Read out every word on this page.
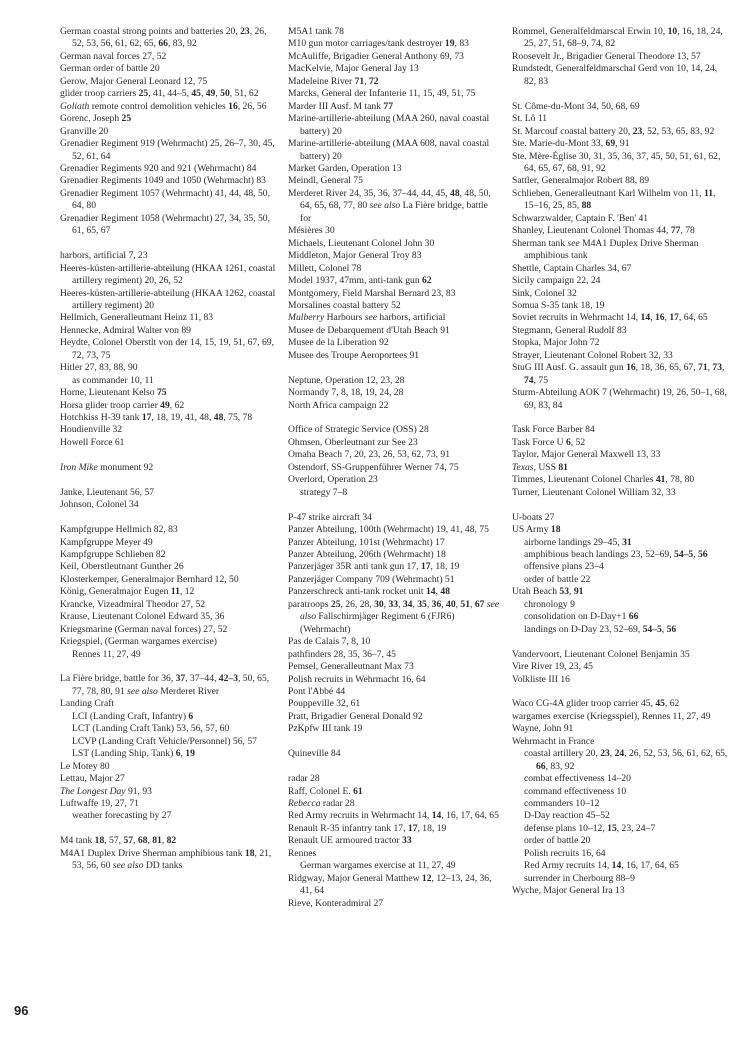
German coastal strong points and batteries 20, 23, 26, 52, 53, 56, 61, 62, 65, 66, 83, 92
German naval forces 27, 52
German order of battle 20
Gerow, Major General Leonard 12, 75
glider troop carriers 25, 41, 44–5, 45, 49, 50, 51, 62
Goliath remote control demolition vehicles 16, 26, 56
Gorenc, Joseph 25
Granville 20
Grenadier Regiment 919 (Wehrmacht) 25, 26–7, 30, 45, 52, 61, 64
Grenadier Regiments 920 and 921 (Wehrmacht) 84
Grenadier Regiments 1049 and 1050 (Wehrmacht) 83
Grenadier Regiment 1057 (Wehrmacht) 41, 44, 48, 50, 64, 80
Grenadier Regiment 1058 (Wehrmacht) 27, 34, 35, 50, 61, 65, 67
harbors, artificial 7, 23
Heeres-küsten-artillerie-abteilung (HKAA 1261, coastal artillery regiment) 20, 26, 52
Heeres-küsten-artillerie-abteilung (HKAA 1262, coastal artillery regiment) 20
Hellmich, Generalleutnant Heinz 11, 83
Hennecke, Admiral Walter von 89
Heydte, Colonel Oberstlt von der 14, 15, 19, 51, 67, 69, 72, 73, 75
Hitler 27, 83, 88, 90
as commander 10, 11
Horne, Lieutenant Kelso 75
Horsa glider troop carrier 49, 62
Hotchkiss H-39 tank 17, 18, 19, 41, 48, 48, 75, 78
Houdienville 32
Howell Force 61
Iron Mike monument 92
Janke, Lieutenant 56, 57
Johnson, Colonel 34
Kampfgruppe Hellmich 82, 83
Kampfgruppe Meyer 49
Kampfgruppe Schlieben 82
Keil, Oberstleutnant Gunther 26
Klosterkemper, Generalmajor Bernhard 12, 50
König, Generalmajor Eugen 11, 12
Krancke, Vizeadmiral Theodor 27, 52
Krause, Lieutenant Colonel Edward 35, 36
Kriegsmarine (German naval forces) 27, 52
Kriegspiel, (German wargames exercise)
Rennes 11, 27, 49
La Fière bridge, battle for 36, 37, 37–44, 42–3, 50, 65, 77, 78, 80, 91 see also Merderet River
Landing Craft
LCI (Landing Craft, Infantry) 6
LCT (Landing Craft Tank) 53, 56, 57, 60
LCVP (Landing Craft Vehicle/Personnel) 56, 57
LST (Landing Ship, Tank) 6, 19
Le Motey 80
Lettau, Major 27
The Longest Day 91, 93
Luftwaffe 19, 27, 71
weather forecasting by 27
M4 tank 18, 57, 57, 68, 81, 82
M4A1 Duplex Drive Sherman amphibious tank 18, 21, 53, 56, 60 see also DD tanks
M5A1 tank 78
M10 gun motor carriages/tank destroyer 19, 83
McAuliffe, Brigadier General Anthony 69, 73
MacKelvie, Major General Jay 13
Madeleine River 71, 72
Marcks, General der Infanterie 11, 15, 49, 51, 75
Marder III Ausf. M tank 77
Marine-artillerie-abteilung (MAA 260, naval coastal battery) 20
Marine-artillerie-abteilung (MAA 608, naval coastal battery) 20
Market Garden, Operation 13
Meindl, General 75
Merderet River 24, 35, 36, 37–44, 44, 45, 48, 48, 50, 64, 65, 68, 77, 80 see also La Fière bridge, battle for
Mésières 30
Michaels, Lieutenant Colonel John 30
Middleton, Major General Troy 83
Millett, Colonel 78
Model 1937, 47mm, anti-tank gun 62
Montgomery, Field Marshal Bernard 23, 83
Morsalines coastal battery 52
Mulberry Harbours see harbors, artificial
Musee de Debarquement d'Utah Beach 91
Musee de la Liberation 92
Musee des Troupe Aeroportees 91
Neptune, Operation 12, 23, 28
Normandy 7, 8, 18, 19, 24, 28
North Africa campaign 22
Office of Strategic Service (OSS) 28
Ohmsen, Oberleutnant zur See 23
Omaha Beach 7, 20, 23, 26, 53, 62, 73, 91
Ostendorf, SS-Gruppenführer Werner 74, 75
Overlord, Operation 23
strategy 7–8
P-47 strike aircraft 34
Panzer Abteilung, 100th (Wehrmacht) 19, 41, 48, 75
Panzer Abteilung, 101st (Wehrmacht) 17
Panzer Abteilung, 206th (Wehrmacht) 18
Panzerjäger 35R anti tank gun 17, 17, 18, 19
Panzerjäger Company 709 (Wehrmacht) 51
Panzerschreck anti-tank rocket unit 14, 48
paratroops 25, 26, 28, 30, 33, 34, 35, 36, 40, 51, 67 see also Fallschirmjäger Regiment 6 (FJR6) (Wehrmacht)
Pas de Calais 7, 8, 10
pathfinders 28, 35, 36–7, 45
Pemsel, Generalleutnant Max 73
Polish recruits in Wehrmacht 16, 64
Pont l'Abbé 44
Pouppeville 32, 61
Pratt, Brigadier General Donald 92
PzKpfw III tank 19
Quineville 84
radar 28
Raff, Colonel E. 61
Rebecca radar 28
Red Army recruits in Wehrmacht 14, 14, 16, 17, 64, 65
Renault R-35 infantry tank 17, 17, 18, 19
Renault UE armoured tractor 33
Rennes
German wargames exercise at 11, 27, 49
Ridgway, Major General Matthew 12, 12–13, 24, 36, 41, 64
Rieve, Konteradmiral 27
Rommel, Generalfeldmarscal Erwin 10, 10, 16, 18, 24, 25, 27, 51, 68–9, 74, 82
Roosevelt Jr., Brigadier General Theodore 13, 57
Rundstedt, Generalfeldmarschal Gerd von 10, 14, 24, 82, 83
St. Côme-du-Mont 34, 50, 68, 69
St. Lô 11
St. Marcouf coastal battery 20, 23, 52, 53, 65, 83, 92
Ste. Marie-du-Mont 33, 69, 91
Ste. Mère-Église 30, 31, 35, 36, 37, 45, 50, 51, 61, 62, 64, 65, 67, 68, 91, 92
Sattler, Generalmajor Robert 88, 89
Schlieben, Generalleutnant Karl Wilhelm von 11, 11, 15–16, 25, 85, 88
Schwarzwalder, Captain F. 'Ben' 41
Shanley, Lieutenant Colonel Thomas 44, 77, 78
Sherman tank see M4A1 Duplex Drive Sherman amphibious tank
Shettle, Captain Charles 34, 67
Sicily campaign 22, 24
Sink, Colonel 32
Somua S-35 tank 18, 19
Soviet recruits in Wehrmacht 14, 14, 16, 17, 64, 65
Stegmann, General Rudolf 83
Stopka, Major John 72
Strayer, Lieutenant Colonel Robert 32, 33
StuG III Ausf. G. assault gun 16, 18, 36, 65, 67, 71, 73, 74, 75
Sturm-Abteilung AOK 7 (Wehrmacht) 19, 26, 50–1, 68, 69, 83, 84
Task Force Barber 84
Task Force U 6, 52
Taylor, Major General Maxwell 13, 33
Texas, USS 81
Timmes, Lieutenant Colonel Charles 41, 78, 80
Turner, Lieutenant Colonel William 32, 33
U-boats 27
US Army 18
airborne landings 29–45, 31
amphibious beach landings 23, 52–69, 54–5, 56
offensive plans 23–4
order of battle 22
Utah Beach 53, 91
chronology 9
consolidation on D-Day+1 66
landings on D-Day 23, 52–69, 54–5, 56
Vandervoort, Lieutenant Colonel Benjamin 35
Vire River 19, 23, 45
Volkliste III 16
Waco CG-4A glider troop carrier 45, 45, 62
wargames exercise (Kriegsspiel), Rennes 11, 27, 49
Wayne, John 91
Wehrmacht in France
coastal artillery 20, 23, 24, 26, 52, 53, 56, 61, 62, 65, 66, 83, 92
combat effectiveness 14–20
command effectiveness 10
commanders 10–12
D-Day reaction 45–52
defense plans 10–12, 15, 23, 24–7
order of battle 20
Polish recruits 16, 64
Red Army recruits 14, 14, 16, 17, 64, 65
surrender in Cherbourg 88–9
Wyche, Major General Ira 13
96
